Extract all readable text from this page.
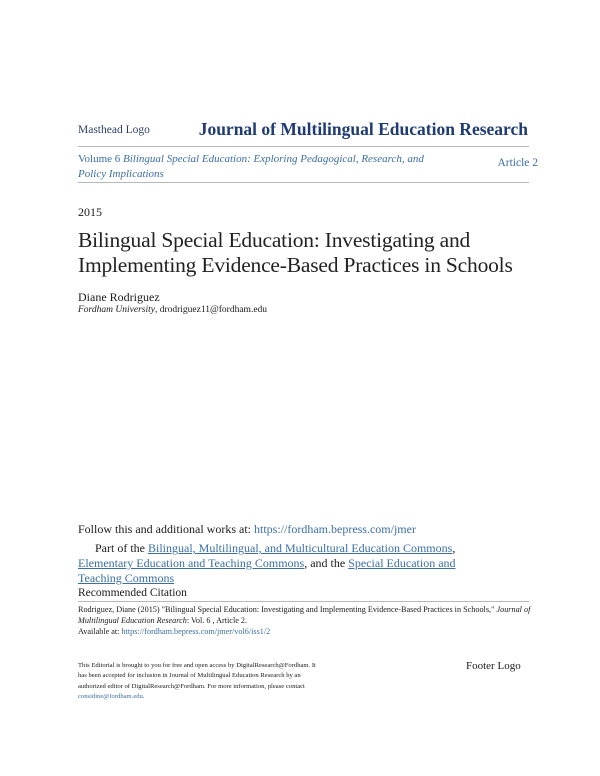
Masthead Logo	Journal of Multilingual Education Research
Volume 6 Bilingual Special Education: Exploring Pedagogical, Research, and Policy Implications
Article 2
2015
Bilingual Special Education: Investigating and Implementing Evidence-Based Practices in Schools
Diane Rodriguez
Fordham University, drodriguez11@fordham.edu
Follow this and additional works at: https://fordham.bepress.com/jmer
Part of the Bilingual, Multilingual, and Multicultural Education Commons, Elementary Education and Teaching Commons, and the Special Education and Teaching Commons
Recommended Citation
Rodriguez, Diane (2015) "Bilingual Special Education: Investigating and Implementing Evidence-Based Practices in Schools," Journal of Multilingual Education Research: Vol. 6 , Article 2.
Available at: https://fordham.bepress.com/jmer/vol6/iss1/2
This Editorial is brought to you for free and open access by DigitalResearch@Fordham. It has been accepted for inclusion in Journal of Multilingual Education Research by an authorized editor of DigitalResearch@Fordham. For more information, please contact considine@fordham.edu.
Footer Logo
